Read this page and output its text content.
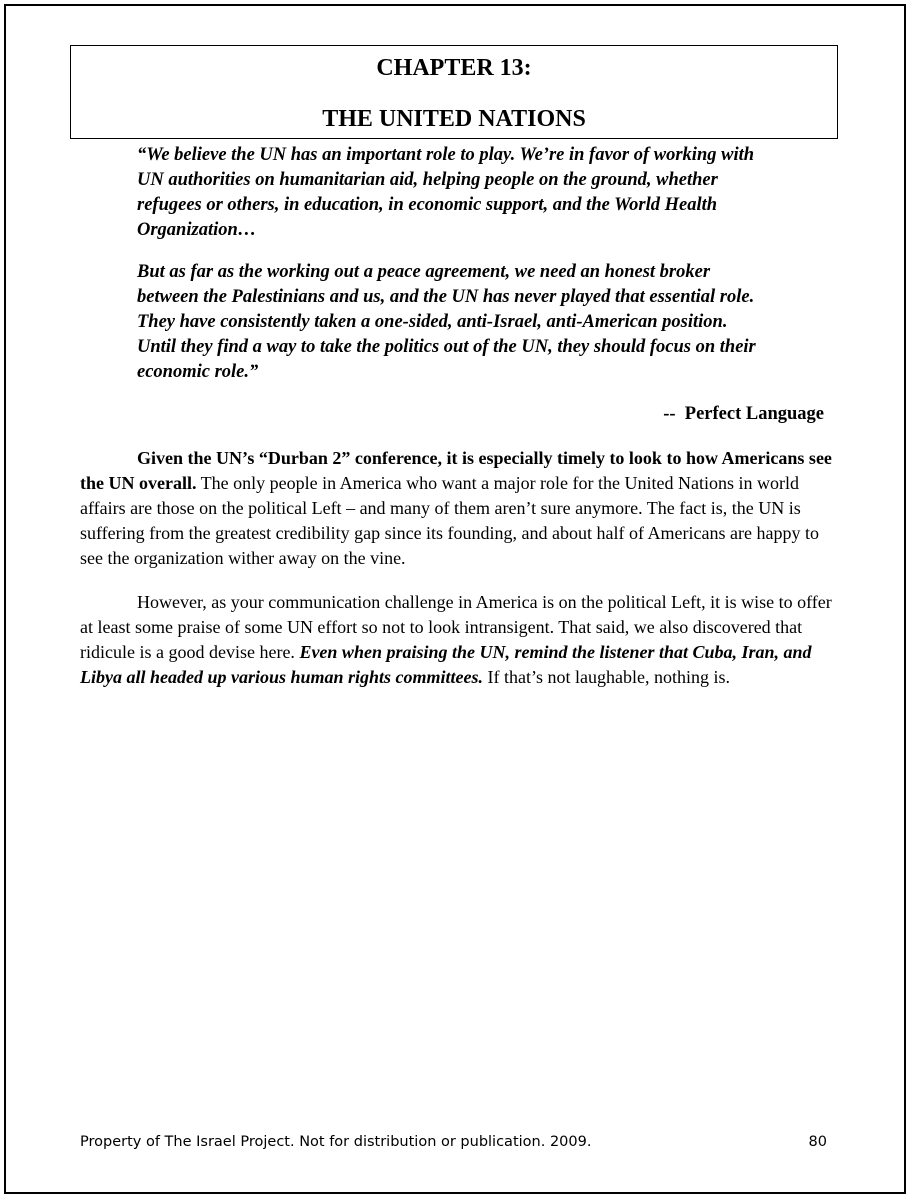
CHAPTER 13:
THE UNITED NATIONS

“We believe the UN has an important role to play. We’re in favor of working with UN authorities on humanitarian aid, helping people on the ground, whether refugees or others, in education, in economic support, and the World Health Organization…

But as far as the working out a peace agreement, we need an honest broker between the Palestinians and us, and the UN has never played that essential role. They have consistently taken a one-sided, anti-Israel, anti-American position. Until they find a way to take the politics out of the UN, they should focus on their economic role.”

--  Perfect Language

Given the UN’s “Durban 2” conference, it is especially timely to look to how Americans see the UN overall. The only people in America who want a major role for the United Nations in world affairs are those on the political Left – and many of them aren’t sure anymore. The fact is, the UN is suffering from the greatest credibility gap since its founding, and about half of Americans are happy to see the organization wither away on the vine.

However, as your communication challenge in America is on the political Left, it is wise to offer at least some praise of some UN effort so not to look intransigent. That said, we also discovered that ridicule is a good devise here. Even when praising the UN, remind the listener that Cuba, Iran, and Libya all headed up various human rights committees. If that’s not laughable, nothing is.

Property of The Israel Project. Not for distribution or publication. 2009.	80
